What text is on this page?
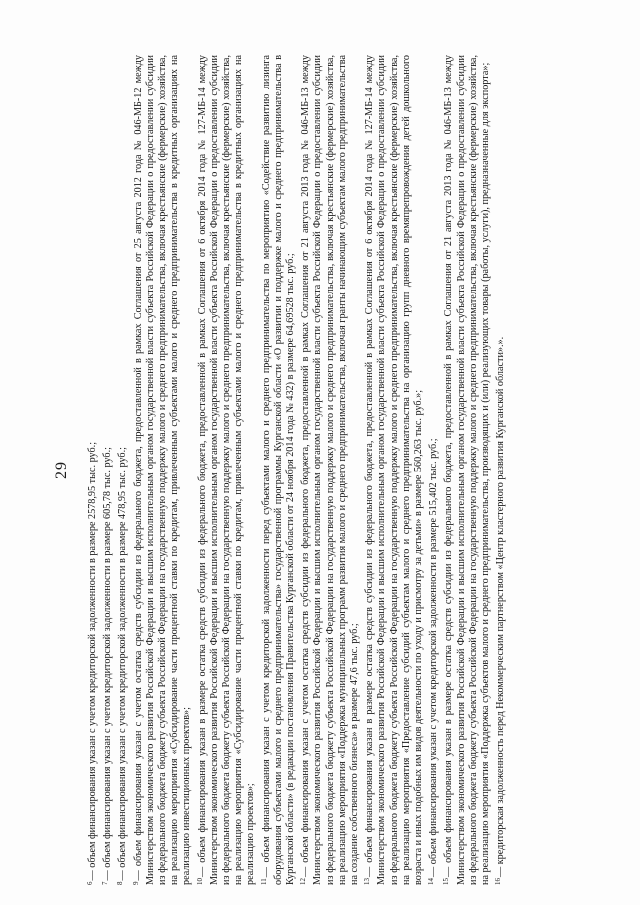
29

$^6$— объем финансирования указан с учетом кредиторской задолженности в размере 2578,95 тыс. руб.;

$^7$— объем финансирования указан с учетом кредиторской задолженности в размере 605,78 тыс. руб.;

$^8$— объем финансирования указан с учетом кредиторской задолженности в размере 478,95 тыс. руб.;

$^9$— объем финансирования указан с учетом остатка средств субсидии из федерального бюджета, предоставленной в рамках Соглашения от 25 августа 2012 года № 046-МБ-12 между Министерством экономического развития Российской Федерации и высшим исполнительным органом государственной власти субъекта Российской Федерации о предоставлении субсидии из федерального бюджета бюджету субъекта Российской Федерации на государственную поддержку малого и среднего предпринимательства, включая крестьянские (фермерские) хозяйства, на реализацию мероприятия «Субсидирование части процентной ставки по кредитам, привлеченным субъектами малого и среднего предпринимательства в кредитных организациях на реализацию инвестиционных проектов»; $^{10}$— объем финансирования указан в размере остатка средств субсидии из федерального бюджета, предоставленной в рамках Соглашения от 6 октября 2014 года № 127-МБ-14 между Министерством экономического развития Российской Федерации и высшим исполнительным органом государственной власти субъекта Российской Федерации о предоставлении субсидии из федерального бюджета бюджету субъекта Российской Федерации на государственную поддержку малого и среднего предпринимательства, включая крестьянские (фермерские) хозяйства, на реализацию мероприятия «Субсидирование части процентной ставки по кредитам, привлеченным субъектами малого и среднего предпринимательства в кредитных организациях на реализацию проектов»; $^{11}$— объем финансирования указан с учетом кредиторской задолженности перед субъектами малого и среднего предпринимательства по мероприятию «Содействие развитию лизинга оборудования субъектами малого и среднего предпринимательства» государственной программы Курганской области «О развитии и поддержке малого и среднего предпринимательства в Курганской области» (в редакции постановления Правительства Курганской области от 24 ноября 2014 года № 432) в размере 64,69528 тыс. руб.; $^{12}$— объем финансирования указан с учетом остатка средств субсидии из федерального бюджета, предоставленной в рамках Соглашения от 21 августа 2013 года № 046-МБ-13 между Министерством экономического развития Российской Федерации и высшим исполнительным органом государственной власти субъекта Российской Федерации о предоставлении субсидии из федерального бюджета бюджету субъекта Российской Федерации на государственную поддержку малого и среднего предпринимательства, включая крестьянские (фермерские) хозяйства, на реализацию мероприятия «Поддержка муниципальных программ развития малого и среднего предпринимательства, включая гранты начинающим субъектам малого предпринимательства на создание собственного бизнеса» в размере 47,6 тыс. руб.; $^{13}$— объем финансирования указан в размере остатка средств субсидии из федерального бюджета, предоставленной в рамках Соглашения от 6 октября 2014 года № 127-МБ-14 между Министерством экономического развития Российской Федерации и высшим исполнительным органом государственной власти субъекта Российской Федерации о предоставлении субсидии из федерального бюджета бюджету субъекта Российской Федерации на государственную поддержку малого и среднего предпринимательства, включая крестьянские (фермерские) хозяйства, на реализацию мероприятия «Предоставление субсидий субъектам малого и среднего предпринимательства на организацию групп дневного времяпрепровождения детей дошкольного возраста и иных подобных им видов деятельности по уходу и присмотру за детьми» в размере 560,263 тыс. руб.»; $^{14}$— объем финансирования указан с учетом кредиторской задолженности в размере 515,402 тыс. руб.;

$^{15}$— объем финансирования указан в размере остатка средств субсидии из федерального бюджета, предоставленной в рамках Соглашения от 21 августа 2013 года № 046-МБ-13 между Министерством экономического развития Российской Федерации и высшим исполнительным органом государственной власти субъекта Российской Федерации о предоставлении субсидии из федерального бюджета бюджету субъекта Российской Федерации на государственную поддержку малого и среднего предпринимательства, включая крестьянские (фермерские) хозяйства, на реализацию мероприятия «Поддержка субъектов малого и среднего предпринимательства, производящих и (или) реализующих товары (работы, услуги), предназначенные для экспорта»; $^{16}$— кредиторская задолженность перед Некоммерческим партнерством «Центр кластерного развития Курганской области».».
